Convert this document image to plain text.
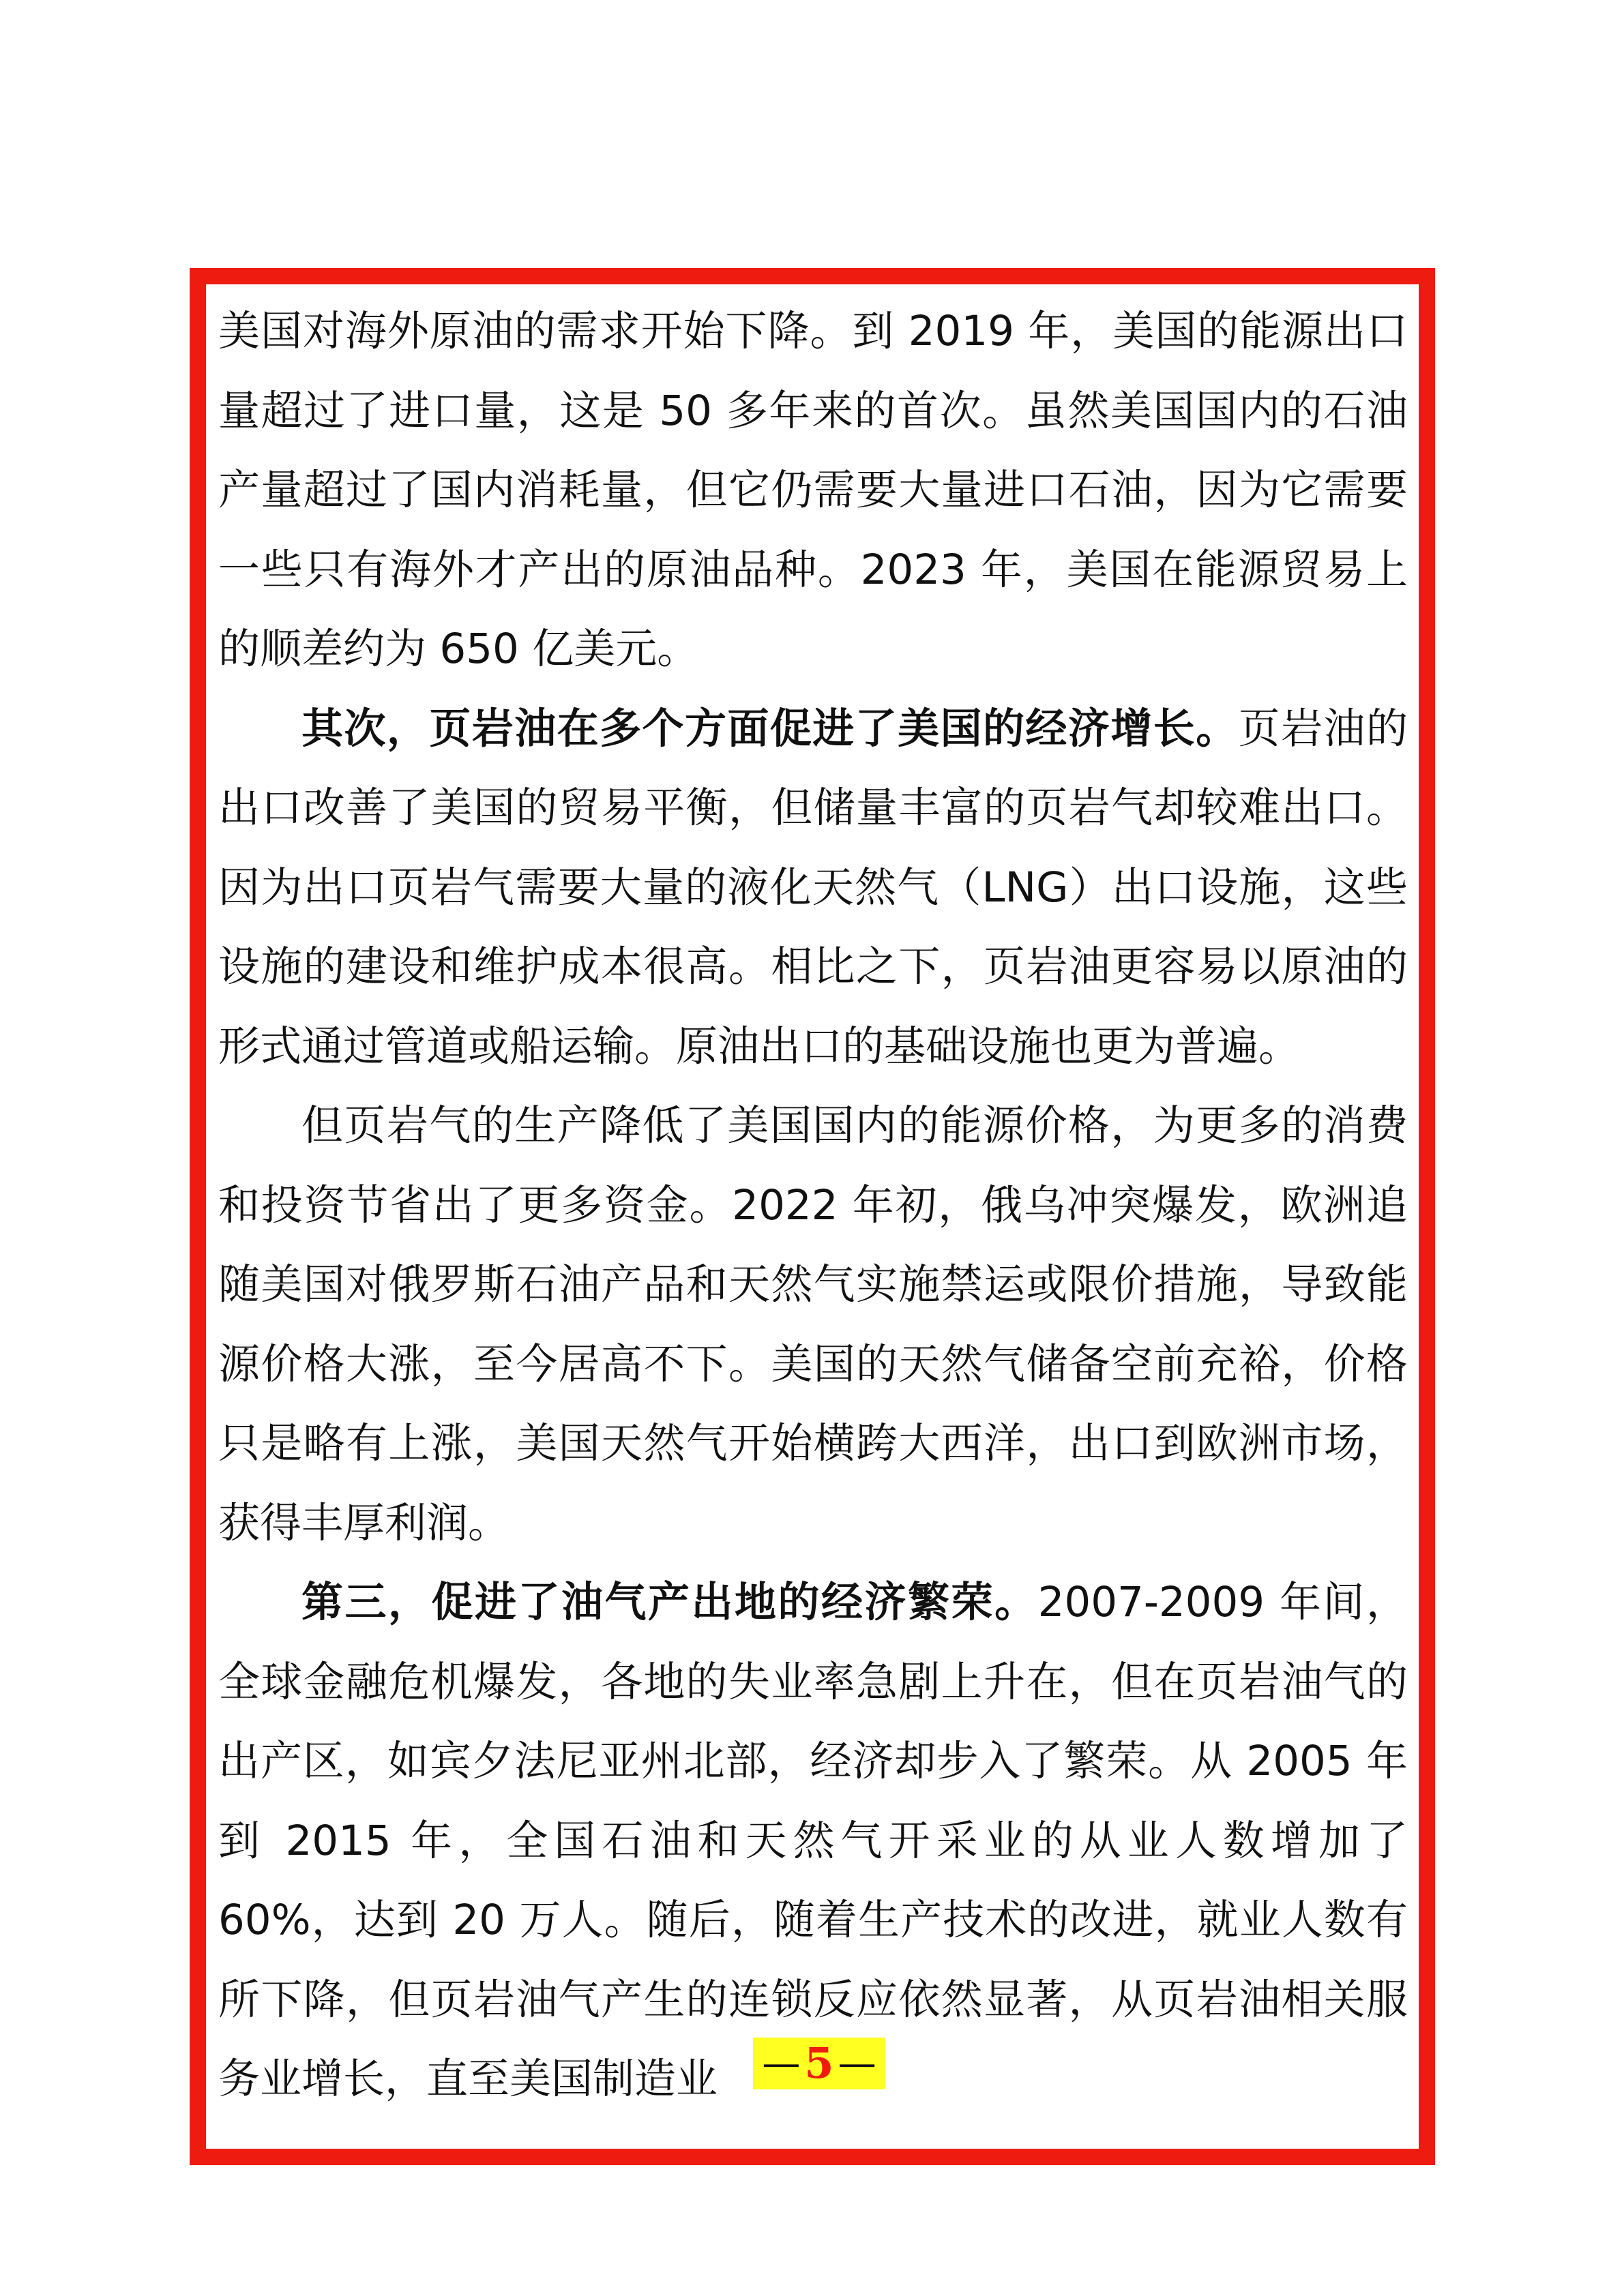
美国对海外原油的需求开始下降。到 2019 年，美国的能源出口量超过了进口量，这是 50 多年来的首次。虽然美国国内的石油产量超过了国内消耗量，但它仍需要大量进口石油，因为它需要一些只有海外才产出的原油品种。2023 年，美国在能源贸易上的顺差约为 650 亿美元。

其次，页岩油在多个方面促进了美国的经济增长。页岩油的出口改善了美国的贸易平衡，但储量丰富的页岩气却较难出口。因为出口页岩气需要大量的液化天然气（LNG）出口设施，这些设施的建设和维护成本很高。相比之下，页岩油更容易以原油的形式通过管道或船运输。原油出口的基础设施也更为普遍。

但页岩气的生产降低了美国国内的能源价格，为更多的消费和投资节省出了更多资金。2022 年初，俄乌冲突爆发，欧洲追随美国对俄罗斯石油产品和天然气实施禁运或限价措施，导致能源价格大涨，至今居高不下。美国的天然气储备空前充裕，价格只是略有上涨，美国天然气开始横跨大西洋，出口到欧洲市场，获得丰厚利润。

第三，促进了油气产出地的经济繁荣。2007-2009 年间，全球金融危机爆发，各地的失业率急剧上升在，但在页岩油气的出产区，如宾夕法尼亚州北部，经济却步入了繁荣。从 2005 年到 2015 年，全国石油和天然气开采业的从业人数增加了 60%，达到 20 万人。随后，随着生产技术的改进，就业人数有所下降，但页岩油气产生的连锁反应依然显著，从页岩油相关服务业增长，直至美国制造业	— 5 —
